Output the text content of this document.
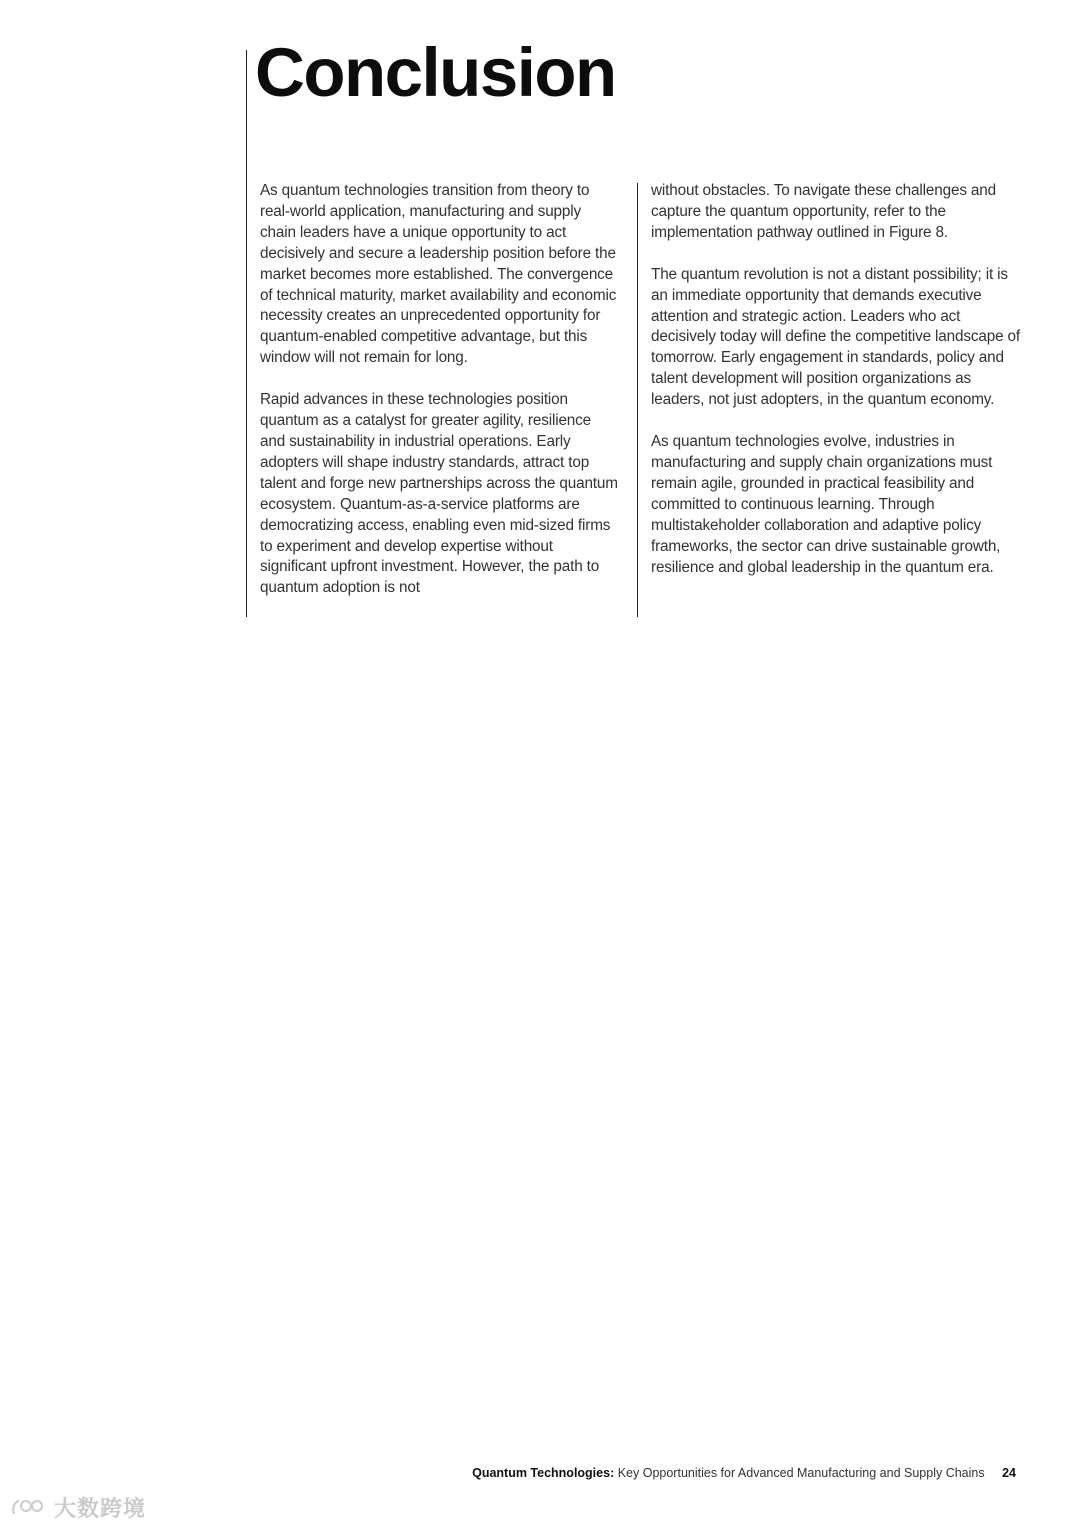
Conclusion

As quantum technologies transition from theory to real-world application, manufacturing and supply chain leaders have a unique opportunity to act decisively and secure a leadership position before the market becomes more established. The convergence of technical maturity, market availability and economic necessity creates an unprecedented opportunity for quantum-enabled competitive advantage, but this window will not remain for long.

Rapid advances in these technologies position quantum as a catalyst for greater agility, resilience and sustainability in industrial operations. Early adopters will shape industry standards, attract top talent and forge new partnerships across the quantum ecosystem. Quantum-as-a-service platforms are democratizing access, enabling even mid-sized firms to experiment and develop expertise without significant upfront investment. However, the path to quantum adoption is not

without obstacles. To navigate these challenges and capture the quantum opportunity, refer to the implementation pathway outlined in Figure 8.

The quantum revolution is not a distant possibility; it is an immediate opportunity that demands executive attention and strategic action. Leaders who act decisively today will define the competitive landscape of tomorrow. Early engagement in standards, policy and talent development will position organizations as leaders, not just adopters, in the quantum economy.

As quantum technologies evolve, industries in manufacturing and supply chain organizations must remain agile, grounded in practical feasibility and committed to continuous learning. Through multistakeholder collaboration and adaptive policy frameworks, the sector can drive sustainable growth, resilience and global leadership in the quantum era.

Quantum Technologies: Key Opportunities for Advanced Manufacturing and Supply Chains 24
大数跨境
